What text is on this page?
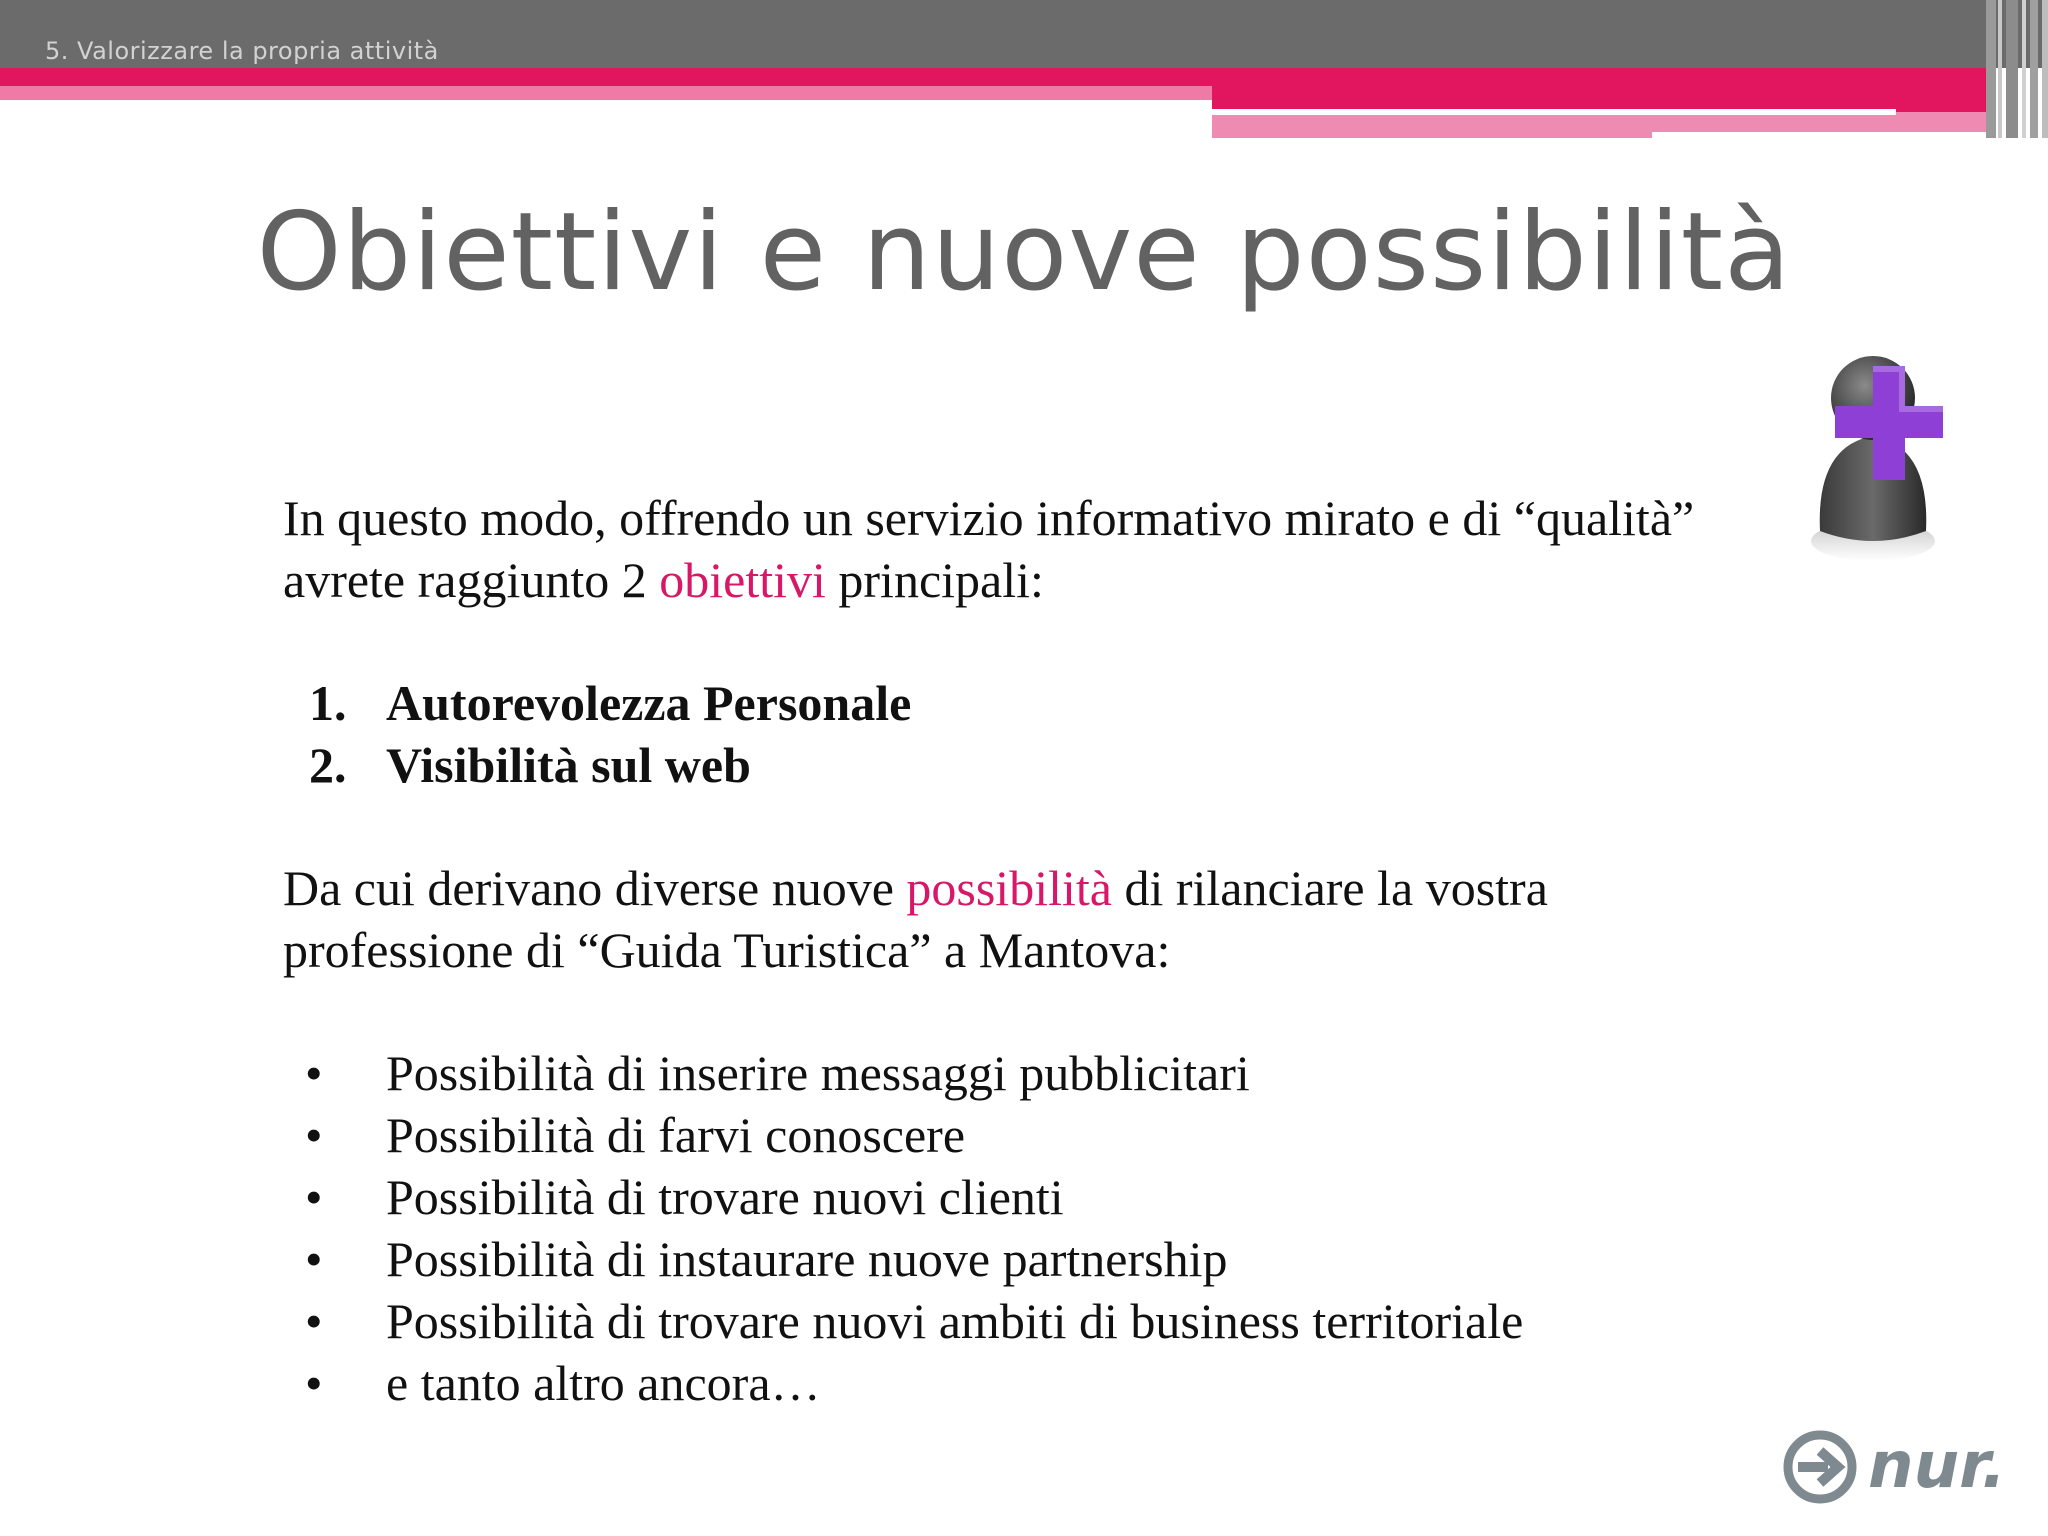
5. Valorizzare la propria attività
Obiettivi e nuove possibilità

In questo modo, offrendo un servizio informativo mirato e di “qualità” avrete raggiunto 2 obiettivi principali:

1. Autorevolezza Personale
2. Visibilità sul web

Da cui derivano diverse nuove possibilità di rilanciare la vostra professione di “Guida Turistica” a Mantova:

•	Possibilità di inserire messaggi pubblicitari
•	Possibilità di farvi conoscere
•	Possibilità di trovare nuovi clienti
•	Possibilità di instaurare nuove partnership
•	Possibilità di trovare nuovi ambiti di business territoriale
•	e tanto altro ancora…
nur.
